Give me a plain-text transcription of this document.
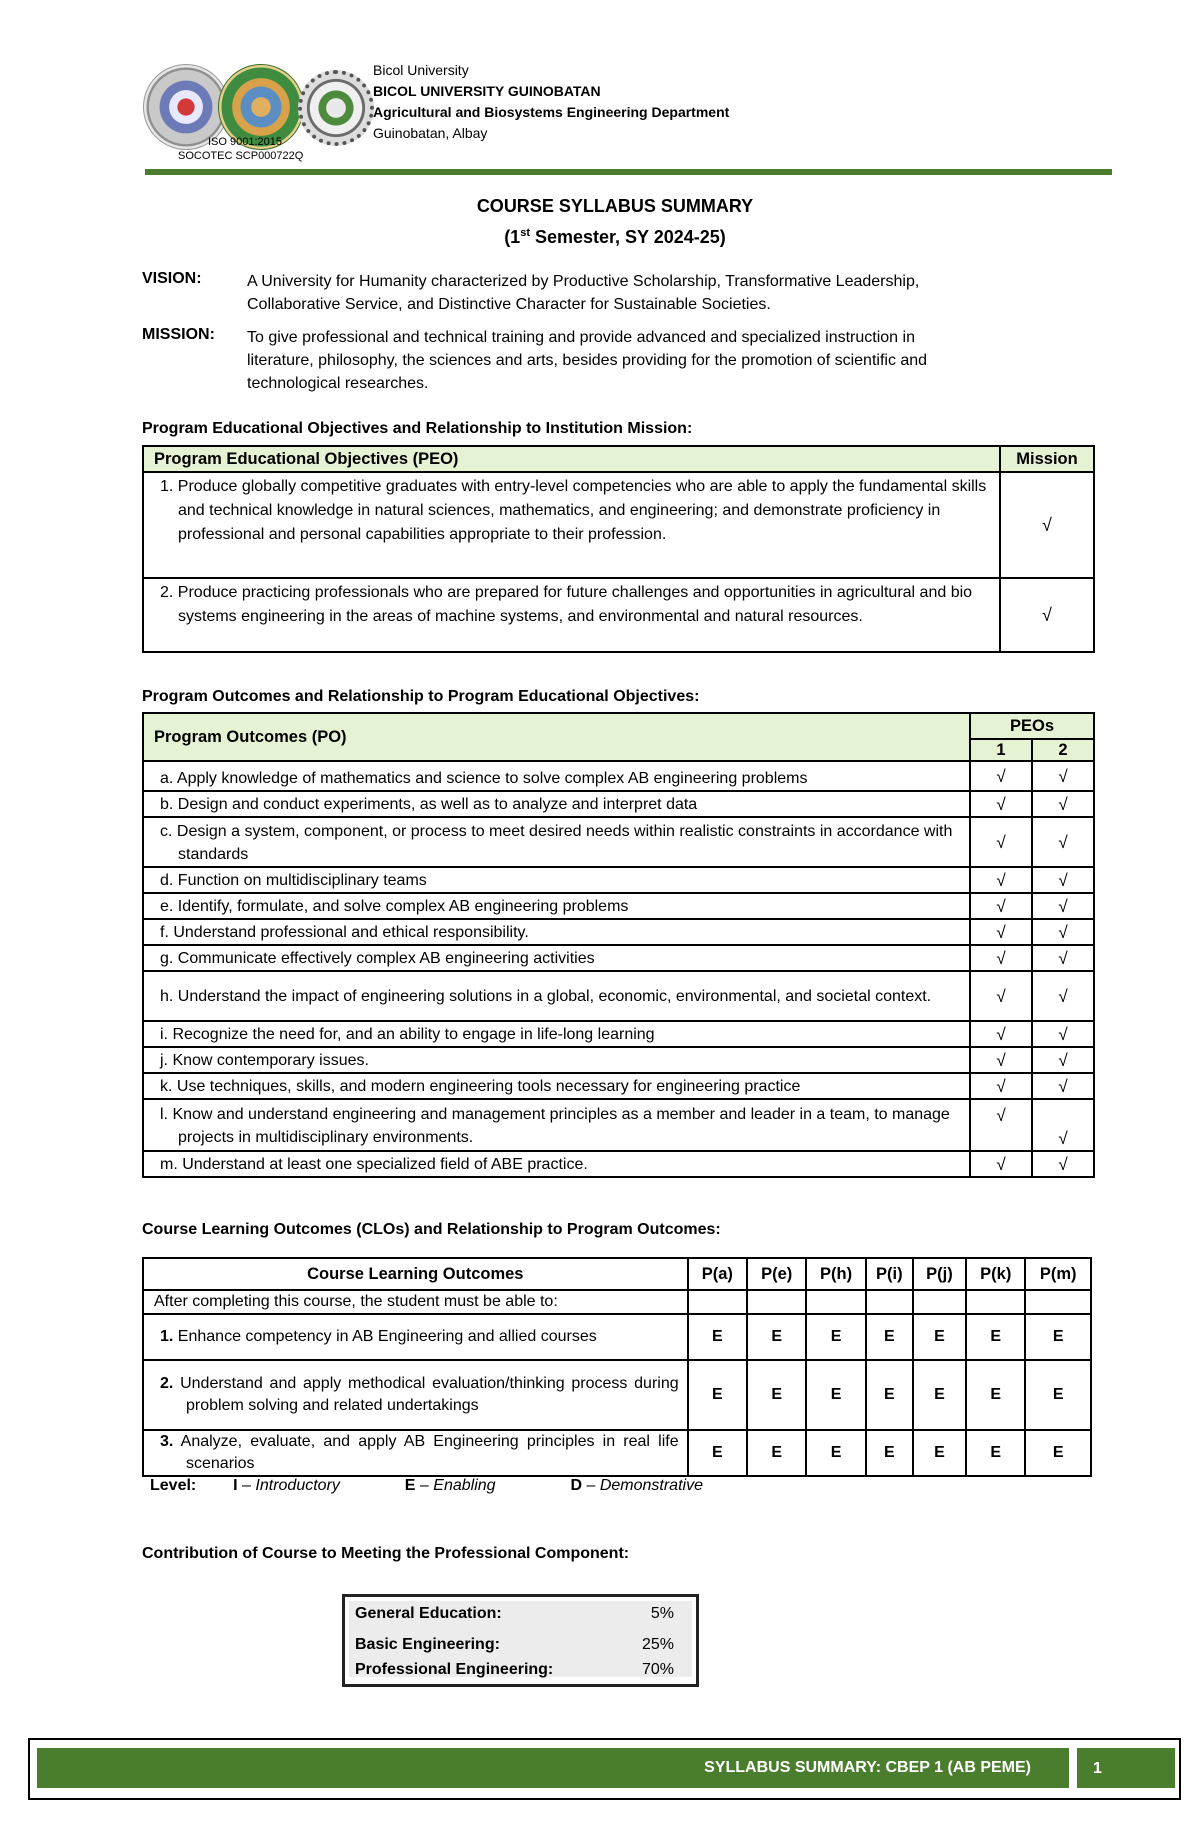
ISO 9001:2015
SOCOTEC SCP000722Q
Bicol University
BICOL UNIVERSITY GUINOBATAN
Agricultural and Biosystems Engineering Department
Guinobatan, Albay
COURSE SYLLABUS SUMMARY
(1st Semester, SY 2024-25)
VISION:	A University for Humanity characterized by Productive Scholarship, Transformative Leadership,
Collaborative Service, and Distinctive Character for Sustainable Societies.
MISSION: To give professional and technical training and provide advanced and specialized instruction in
literature, philosophy, the sciences and arts, besides providing for the promotion of scientific and
technological researches.
Program Educational Objectives and Relationship to Institution Mission:
Program Educational Objectives (PEO)	Mission

1. Produce globally competitive graduates with entry-level competencies who are able to apply the fundamental skills and technical knowledge in natural sciences, mathematics, and engineering; and demonstrate proficiency in professional and personal capabilities appropriate to their profession.	√

2. Produce practicing professionals who are prepared for future challenges and opportunities in agricultural and bio systems engineering in the areas of machine systems, and environmental and natural resources.	√
Program Outcomes and Relationship to Program Educational Objectives:
Program Outcomes (PO)	PEOs	
	1	2

a. Apply knowledge of mathematics and science to solve complex AB engineering problems	√	√

b. Design and conduct experiments, as well as to analyze and interpret data	√	√

c. Design a system, component, or process to meet desired needs within realistic constraints in accordance with standards	√	√

d. Function on multidisciplinary teams	√	√

e. Identify, formulate, and solve complex AB engineering problems	√	√

f. Understand professional and ethical responsibility.	√	√

g. Communicate effectively complex AB engineering activities	√	√

h. Understand the impact of engineering solutions in a global, economic, environmental, and societal context.	√	√

i. Recognize the need for, and an ability to engage in life-long learning	√	√

j. Know contemporary issues.	√	√

k. Use techniques, skills, and modern engineering tools necessary for engineering practice	√	√

l. Know and understand engineering and management principles as a member and leader in a team, to manage projects in multidisciplinary environments.	√	√

m. Understand at least one specialized field of ABE practice.	√	√
Course Learning Outcomes (CLOs) and Relationship to Program Outcomes:
Course Learning Outcomes	P(a)	P(e)	P(h)	P(i)	P(j)	P(k)	P(m)
After completing this course, the student must be able to:							

1. Enhance competency in AB Engineering and allied courses	E	E	E	E	E	E	E

2. Understand and apply methodical evaluation/thinking process during problem solving and related undertakings	E	E	E	E	E	E	E

3. Analyze, evaluate, and apply AB Engineering principles in real life scenarios	E	E	E	E	E	E	E
Level: I – Introductory	E – Enabling	D – Demonstrative
Contribution of Course to Meeting the Professional Component:
General Education:	5%
Basic Engineering:	25%
Professional Engineering:	70%
SYLLABUS SUMMARY: CBEP 1 (AB PEME)	1
